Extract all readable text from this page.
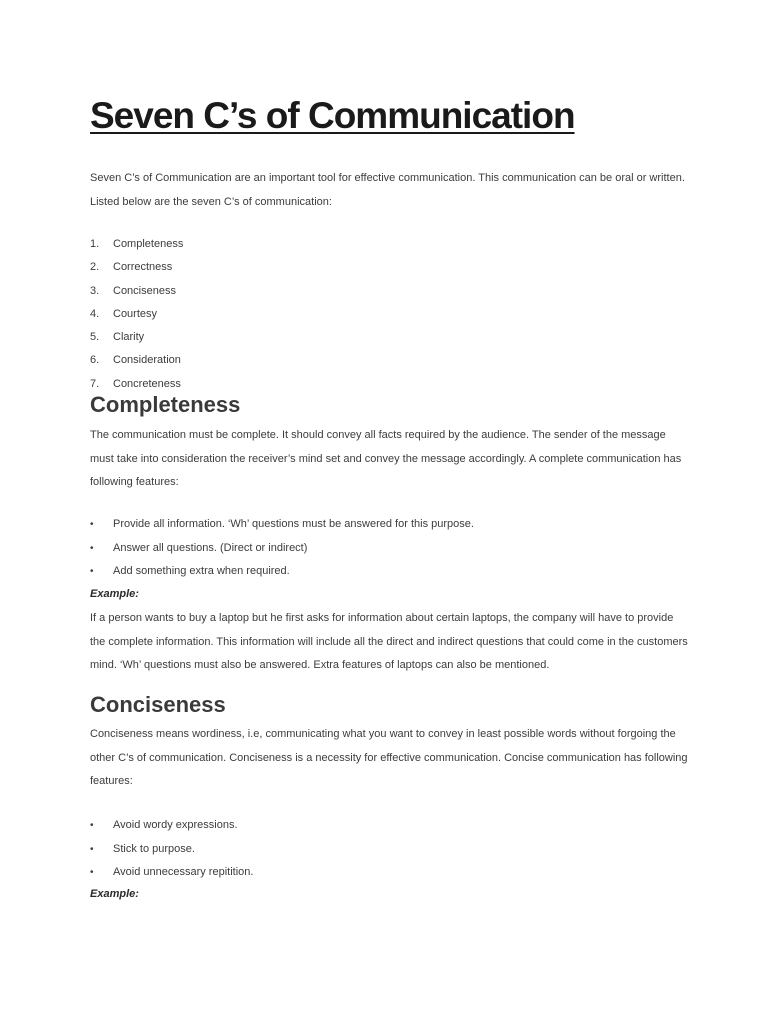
Seven C’s of Communication

Seven C’s of Communication are an important tool for effective communication. This communication can be oral or written. Listed below are the seven C’s of communication:

1. Completeness
2. Correctness
3. Conciseness
4. Courtesy
5. Clarity
6. Consideration
7. Concreteness
Completeness

The communication must be complete. It should convey all facts required by the audience. The sender of the message must take into consideration the receiver’s mind set and convey the message accordingly. A complete communication has following features:

• Provide all information. ‘Wh’ questions must be answered for this purpose.
• Answer all questions. (Direct or indirect)
• Add something extra when required.

Example:

If a person wants to buy a laptop but he first asks for information about certain laptops, the company will have to provide the complete information. This information will include all the direct and indirect questions that could come in the customers mind. ‘Wh’ questions must also be answered. Extra features of laptops can also be mentioned.

Conciseness

Conciseness means wordiness, i.e, communicating what you want to convey in least possible words without forgoing the other C’s of communication. Conciseness is a necessity for effective communication. Concise communication has following features:

• Avoid wordy expressions.
• Stick to purpose.
• Avoid unnecessary repitition.

Example:
